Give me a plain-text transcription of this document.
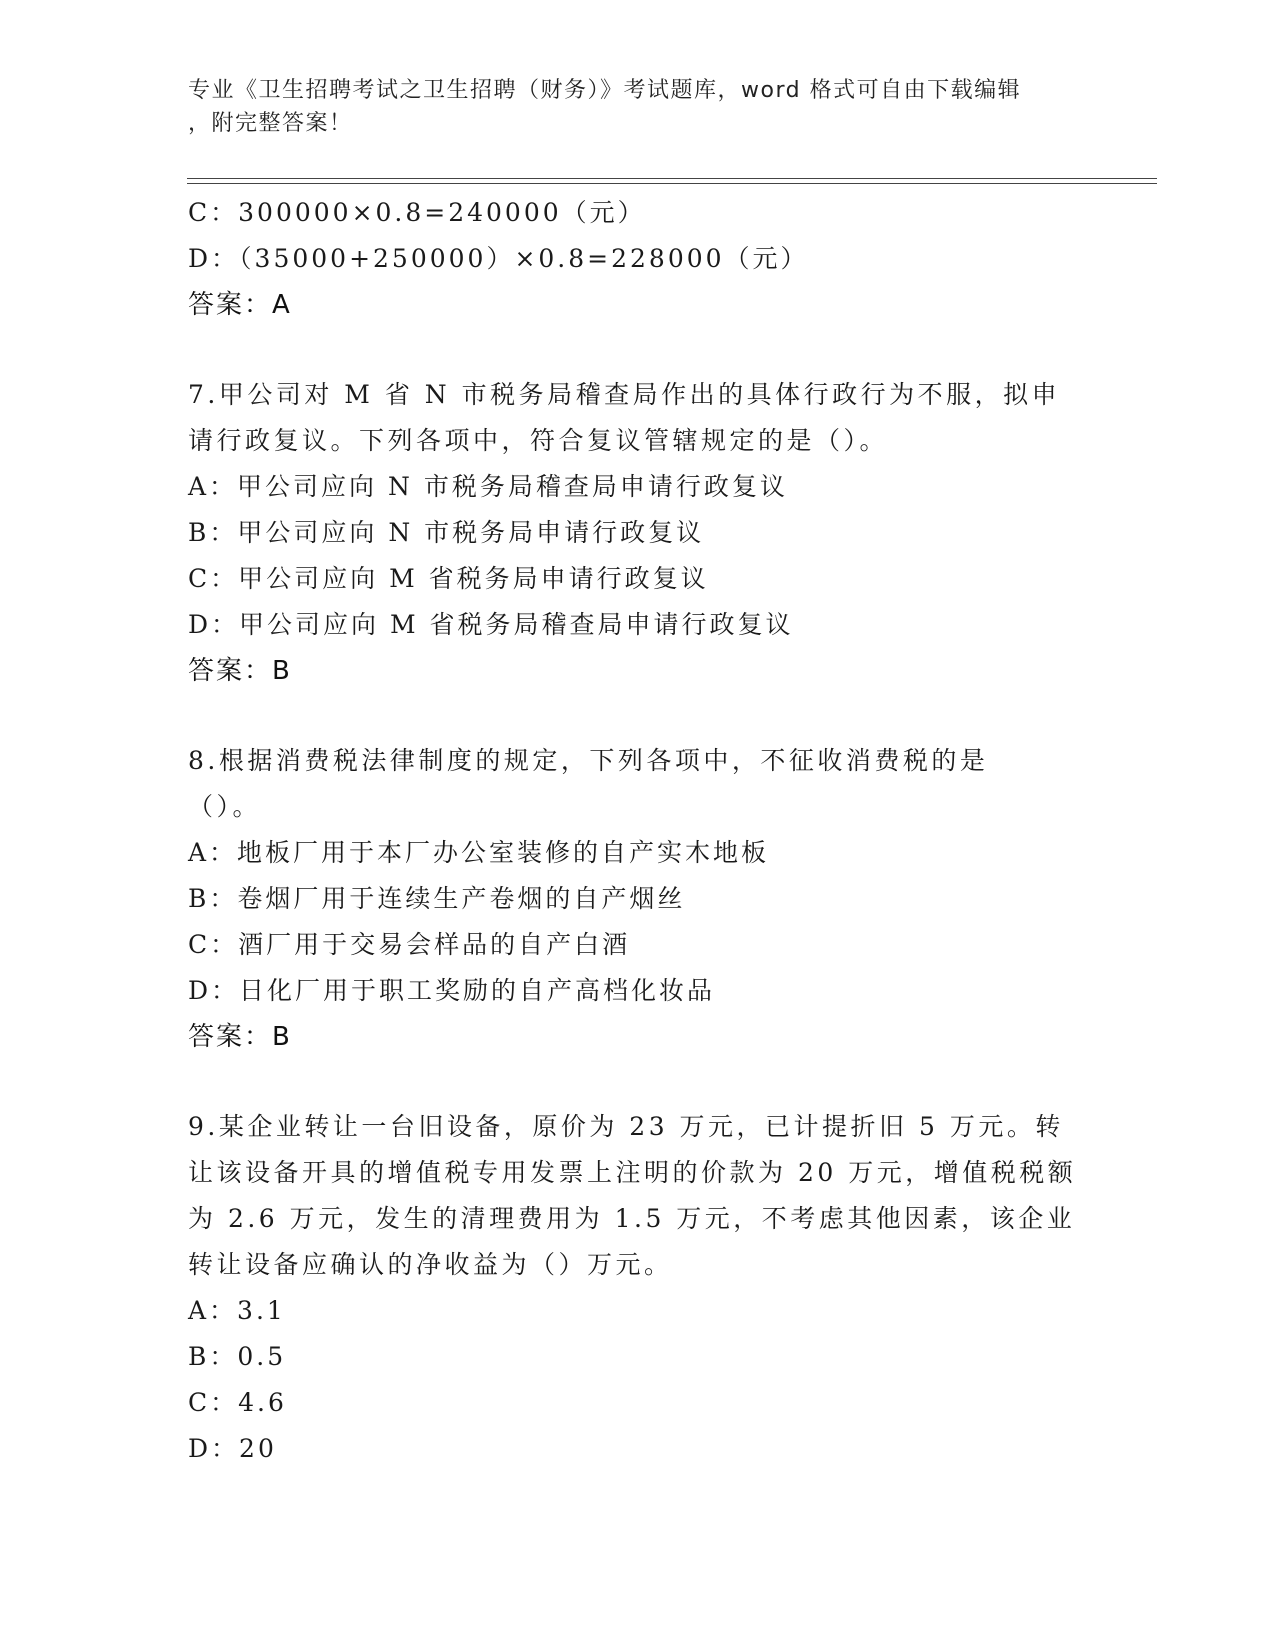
专业《卫生招聘考试之卫生招聘（财务）》考试题库，word 格式可自由下载编辑
，附完整答案！
C：300000×0.8=240000（元）
D：（35000+250000）×0.8=228000（元）
答案：A
7.甲公司对 M 省 N 市税务局稽查局作出的具体行政行为不服，拟申请行政复议。下列各项中，符合复议管辖规定的是（）。
A：甲公司应向 N 市税务局稽查局申请行政复议
B：甲公司应向 N 市税务局申请行政复议
C：甲公司应向 M 省税务局申请行政复议
D：甲公司应向 M 省税务局稽查局申请行政复议
答案：B
8.根据消费税法律制度的规定，下列各项中，不征收消费税的是（）。
A：地板厂用于本厂办公室装修的自产实木地板
B：卷烟厂用于连续生产卷烟的自产烟丝
C：酒厂用于交易会样品的自产白酒
D：日化厂用于职工奖励的自产高档化妆品
答案：B
9.某企业转让一台旧设备，原价为 23 万元，已计提折旧 5 万元。转让该设备开具的增值税专用发票上注明的价款为 20 万元，增值税税额为 2.6 万元，发生的清理费用为 1.5 万元，不考虑其他因素，该企业转让设备应确认的净收益为（）万元。
A：3.1
B：0.5
C：4.6
D：20
